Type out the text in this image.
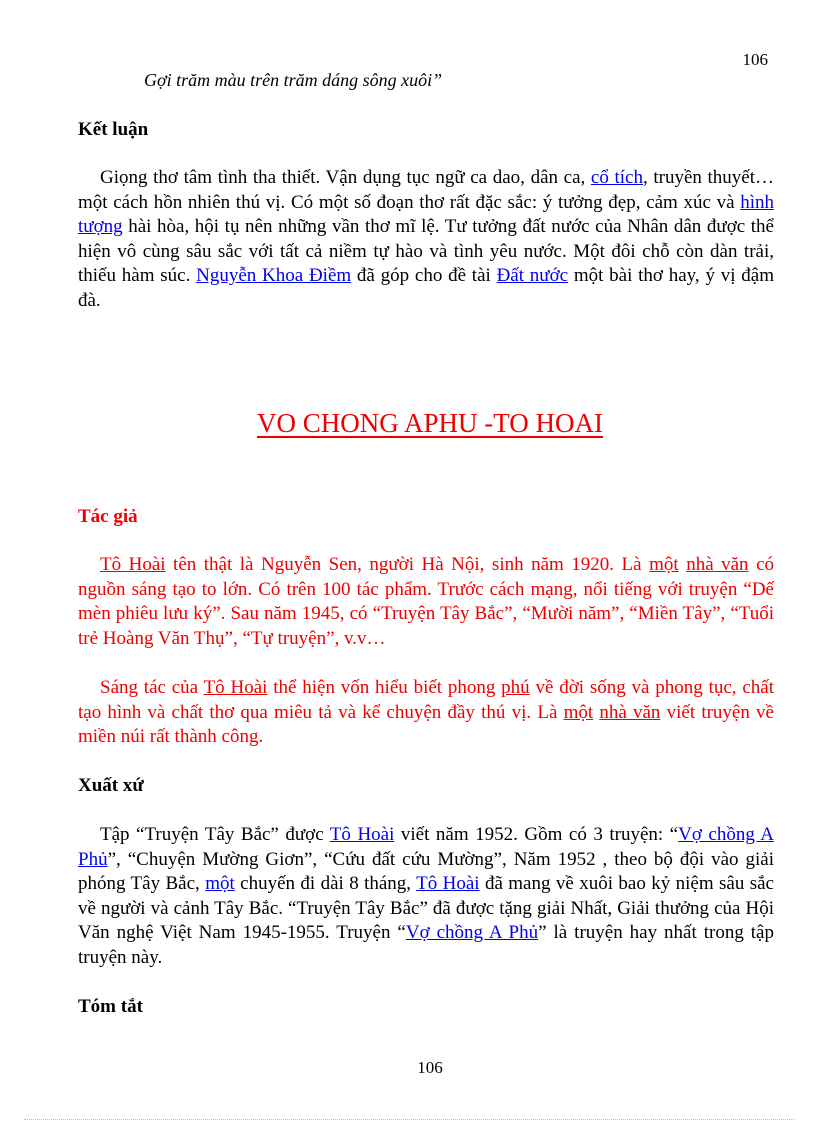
106
Gợi trăm màu trên trăm dáng sông xuôi”
Kết luận
Giọng thơ tâm tình tha thiết. Vận dụng tục ngữ ca dao, dân ca, cổ tích, truyền thuyết… một cách hồn nhiên thú vị. Có một số đoạn thơ rất đặc sắc: ý tưởng đẹp, cảm xúc và hình tượng hài hòa, hội tụ nên những vần thơ mĩ lệ. Tư tưởng đất nước của Nhân dân được thể hiện vô cùng sâu sắc với tất cả niềm tự hào và tình yêu nước. Một đôi chỗ còn dàn trải, thiếu hàm súc. Nguyễn Khoa Điềm đã góp cho đề tài Đất nước một bài thơ hay, ý vị đậm đà.
VO CHONG APHU -TO HOAI
Tác giả
Tô Hoài tên thật là Nguyễn Sen, người Hà Nội, sinh năm 1920. Là một nhà văn có nguồn sáng tạo to lớn. Có trên 100 tác phẩm. Trước cách mạng, nổi tiếng với truyện “Dế mèn phiêu lưu ký”. Sau năm 1945, có “Truyện Tây Bắc”, “Mười năm”, “Miền Tây”, “Tuổi trẻ Hoàng Văn Thụ”, “Tự truyện”, v.v…
Sáng tác của Tô Hoài thể hiện vốn hiểu biết phong phú về đời sống và phong tục, chất tạo hình và chất thơ qua miêu tả và kể chuyện đầy thú vị. Là một nhà văn viết truyện về miền núi rất thành công.
Xuất xứ
Tập “Truyện Tây Bắc” được Tô Hoài viết năm 1952. Gồm có 3 truyện: “Vợ chồng A Phủ”, “Chuyện Mường Giơn”, “Cứu đất cứu Mường”, Năm 1952 , theo bộ đội vào giải phóng Tây Bắc, một chuyến đi dài 8 tháng, Tô Hoài đã mang về xuôi bao kỷ niệm sâu sắc về người và cảnh Tây Bắc. “Truyện Tây Bắc” đã được tặng giải Nhất, Giải thưởng của Hội Văn nghệ Việt Nam 1945-1955. Truyện “Vợ chồng A Phủ” là truyện hay nhất trong tập truyện này.
Tóm tắt
106
